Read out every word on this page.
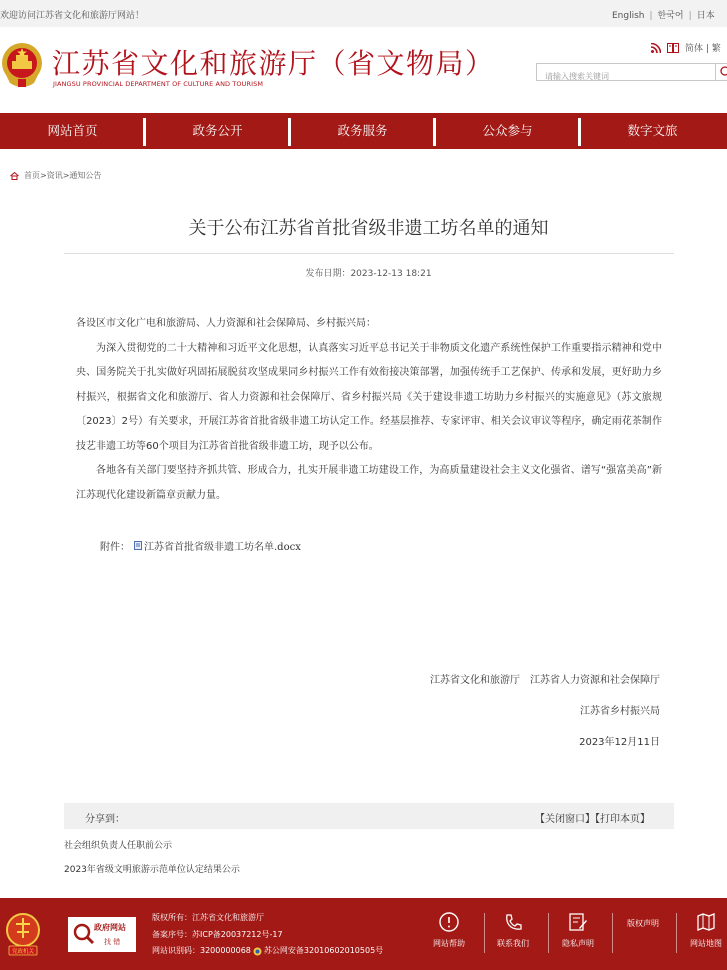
欢迎访问江苏省文化和旅游厅网站！	English | 한국어 | 日本
江苏省文化和旅游厅（省文物局）
JIANGSU PROVINCIAL DEPARTMENT OF CULTURE AND TOURISM
简体 | 繁
请输入搜索关键词
网站首页	政务公开	政务服务	公众参与	数字文旅
首页>资讯>通知公告
关于公布江苏省首批省级非遗工坊名单的通知
发布日期：2023-12-13 18:21

各设区市文化广电和旅游局、人力资源和社会保障局、乡村振兴局：

为深入贯彻党的二十大精神和习近平文化思想，认真落实习近平总书记关于非物质文化遗产系统性保护工作重要指示精神和党中央、国务院关于扎实做好巩固拓展脱贫攻坚成果同乡村振兴工作有效衔接决策部署，加强传统手工艺保护、传承和发展，更好助力乡村振兴，根据省文化和旅游厅、省人力资源和社会保障厅、省乡村振兴局《关于建设非遗工坊助力乡村振兴的实施意见》（苏文旅规〔2023〕2号）有关要求，开展江苏省首批省级非遗工坊认定工作。经基层推荐、专家评审、相关会议审议等程序，确定雨花茶制作技艺非遗工坊等60个项目为江苏省首批省级非遗工坊，现予以公布。

各地各有关部门要坚持齐抓共管、形成合力，扎实开展非遗工坊建设工作，为高质量建设社会主义文化强省、谱写“强富美高”新江苏现代化建设新篇章贡献力量。

附件： 江苏省首批省级非遗工坊名单.docx
江苏省文化和旅游厅　江苏省人力资源和社会保障厅
江苏省乡村振兴局
2023年12月11日
分享到：	【关闭窗口】【打印本页】
社会组织负责人任职前公示
2023年省级文明旅游示范单位认定结果公示
党政机关
政府网站
找 错
版权所有：江苏省文化和旅游厅
备案序号：苏ICP备20037212号-17
网站识别码：3200000068 苏公网安备32010602010505号
网站帮助	联系我们	隐私声明
版权声明
网站地图
